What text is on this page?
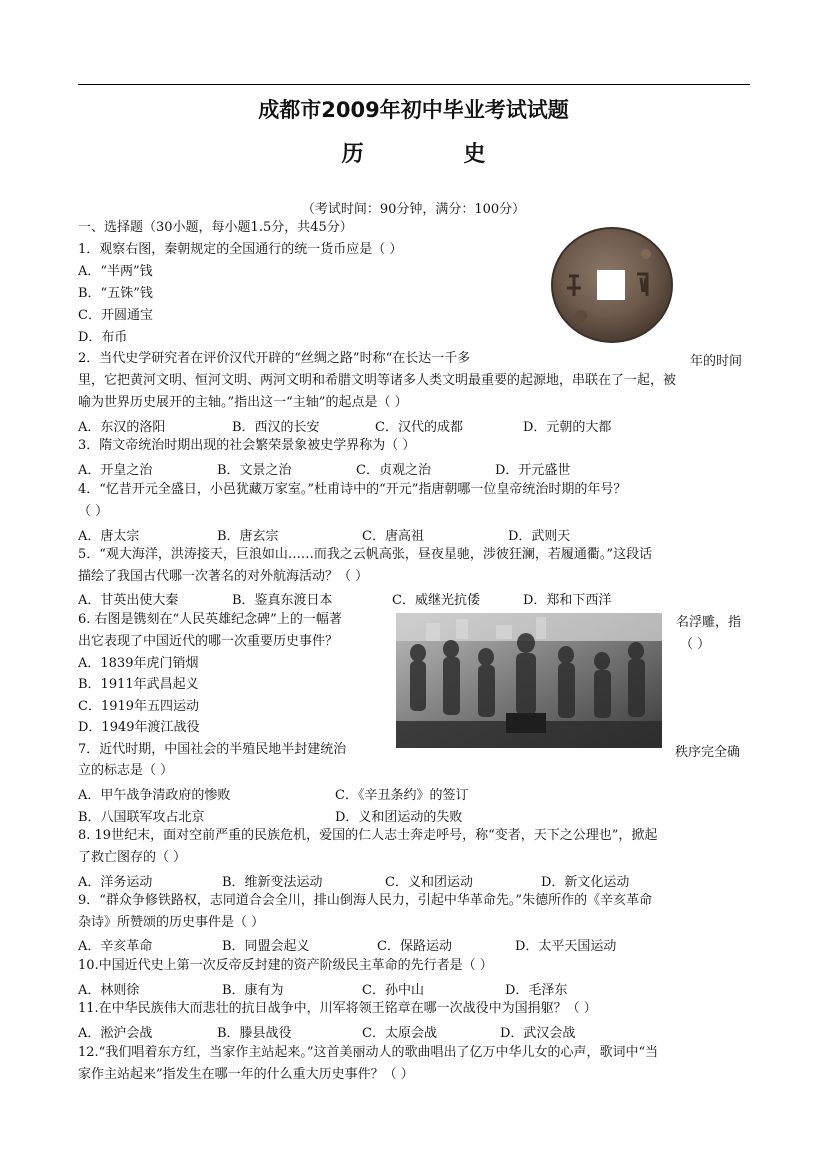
成都市2009年初中毕业考试试题
历 史
（考试时间：90分钟，满分：100分）
一、选择题（30小题，每小题1.5分，共45分）
1．观察右图，秦朝规定的全国通行的统一货币应是（ ）
A．“半两”钱
B．“五铢”钱
C．开圆通宝
D．布币
2．当代史学研究者在评价汉代开辟的“丝绸之路”时称“在长达一千多	年的时间
里，它把黄河文明、恒河文明、两河文明和希腊文明等诸多人类文明最重要的起源地，串联在了一起，被
喻为世界历史展开的主轴。”指出这一“主轴”的起点是（ ）
A．东汉的洛阳	B．西汉的长安	C．汉代的成都	D．元朝的大都
3．隋文帝统治时期出现的社会繁荣景象被史学界称为（ ）
A．开皇之治	B．文景之治	C．贞观之治	D．开元盛世
4．“忆昔开元全盛日，小邑犹藏万家室。”杜甫诗中的“开元”指唐朝哪一位皇帝统治时期的年号？
（ ）
A．唐太宗	B．唐玄宗	C．唐高祖	D．武则天
5．“观大海洋，洪涛接天，巨浪如山……而我之云帆高张，昼夜星驰，涉彼狂澜，若履通衢。”这段话
描绘了我国古代哪一次著名的对外航海活动？（ ）
A．甘英出使大秦	B．鉴真东渡日本	C．威继光抗倭	D．郑和下西洋
6. 右图是镌刻在“人民英雄纪念碑”上的一幅著	名浮雕，指
出它表现了中国近代的哪一次重要历史事件？	（ ）
A．1839年虎门销烟
B．1911年武昌起义
C．1919年五四运动
D．1949年渡江战役
7．近代时期，中国社会的半殖民地半封建统治	秩序完全确
立的标志是（ ）
A．甲午战争清政府的惨败	C．《辛丑条约》的签订
B．八国联军攻占北京	D．义和团运动的失败
8. 19世纪末，面对空前严重的民族危机，爱国的仁人志士奔走呼号，称“变者，天下之公理也”，掀起
了救亡图存的（ ）
A．洋务运动	B．维新变法运动	C．义和团运动	D．新文化运动
9．“群众争修铁路权，志同道合会全川，排山倒海人民力，引起中华革命先。”朱德所作的《辛亥革命
杂诗》所赞颂的历史事件是（ ）
A．辛亥革命	B．同盟会起义	C．保路运动	D．太平天国运动
10.中国近代史上第一次反帝反封建的资产阶级民主革命的先行者是（ ）
A．林则徐	B．康有为	C．孙中山	D．毛泽东
11.在中华民族伟大而悲壮的抗日战争中，川军将领王铭章在哪一次战役中为国捐躯？（ ）
A．淞沪会战	B．滕县战役	C．太原会战	D．武汉会战
12.“我们唱着东方红，当家作主站起来。”这首美丽动人的歌曲唱出了亿万中华儿女的心声，歌词中“当
家作主站起来”指发生在哪一年的什么重大历史事件？（ ）
